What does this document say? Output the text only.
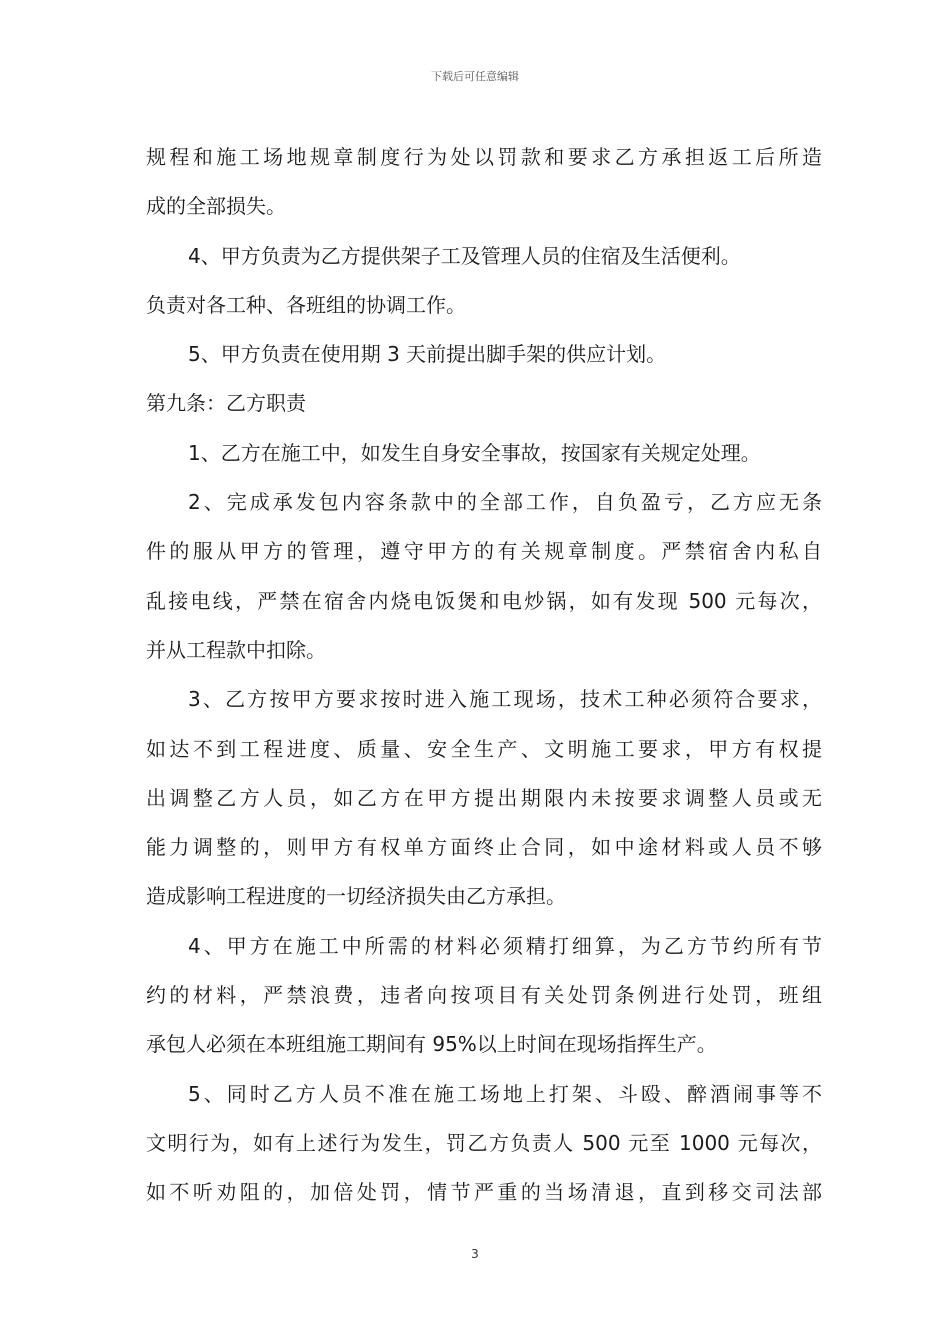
下载后可任意编辑
规程和施工场地规章制度行为处以罚款和要求乙方承担返工后所造
成的全部损失。
4、甲方负责为乙方提供架子工及管理人员的住宿及生活便利。
负责对各工种、各班组的协调工作。
5、甲方负责在使用期 3 天前提出脚手架的供应计划。
第九条：乙方职责
1、乙方在施工中，如发生自身安全事故，按国家有关规定处理。
2、完成承发包内容条款中的全部工作，自负盈亏，乙方应无条
件的服从甲方的管理，遵守甲方的有关规章制度。严禁宿舍内私自
乱接电线，严禁在宿舍内烧电饭煲和电炒锅，如有发现 500 元每次，
并从工程款中扣除。
3、乙方按甲方要求按时进入施工现场，技术工种必须符合要求，
如达不到工程进度、质量、安全生产、文明施工要求，甲方有权提
出调整乙方人员，如乙方在甲方提出期限内未按要求调整人员或无
能力调整的，则甲方有权单方面终止合同，如中途材料或人员不够
造成影响工程进度的一切经济损失由乙方承担。
4、甲方在施工中所需的材料必须精打细算，为乙方节约所有节
约的材料，严禁浪费，违者向按项目有关处罚条例进行处罚，班组
承包人必须在本班组施工期间有 95%以上时间在现场指挥生产。
5、同时乙方人员不准在施工场地上打架、斗殴、醉酒闹事等不
文明行为，如有上述行为发生，罚乙方负责人 500 元至 1000 元每次，
如不听劝阻的，加倍处罚，情节严重的当场清退，直到移交司法部
3
